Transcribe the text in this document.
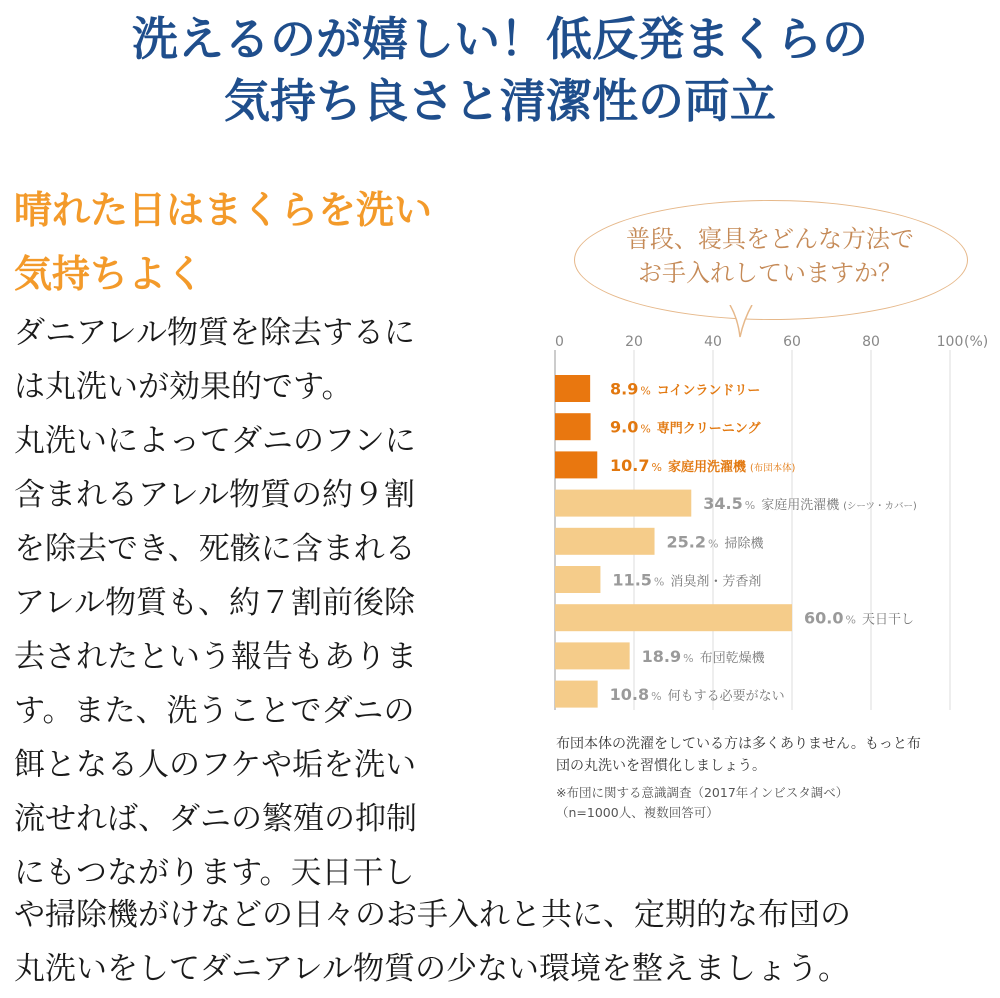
洗えるのが嬉しい！低反発まくらの
気持ち良さと清潔性の両立
晴れた日はまくらを洗い
気持ちよく
ダニアレル物質を除去するに
は丸洗いが効果的です。
丸洗いによってダニのフンに
含まれるアレル物質の約９割
を除去でき、死骸に含まれる
アレル物質も、約７割前後除
去されたという報告もありま
す。また、洗うことでダニの
餌となる人のフケや垢を洗い
流せれば、ダニの繁殖の抑制
にもつながります。天日干し
や掃除機がけなどの日々のお手入れと共に、定期的な布団の
丸洗いをしてダニアレル物質の少ない環境を整えましょう。
普段、寝具をどんな方法で
お手入れしていますか？
0	20	40	60	80	100 (%)
8.9 % コインランドリー
9.0 % 専門クリーニング
10.7 % 家庭用洗濯機 (布団本体)
34.5 % 家庭用洗濯機 (シーツ・カバー)
25.2 % 掃除機
11.5 % 消臭剤・芳香剤
60.0 % 天日干し
18.9 % 布団乾燥機
10.8 % 何もする必要がない
布団本体の洗濯をしている方は多くありません。もっと布
団の丸洗いを習慣化しましょう。
※布団に関する意識調査（2017年インビスタ調べ）
（n=1000人、複数回答可）
